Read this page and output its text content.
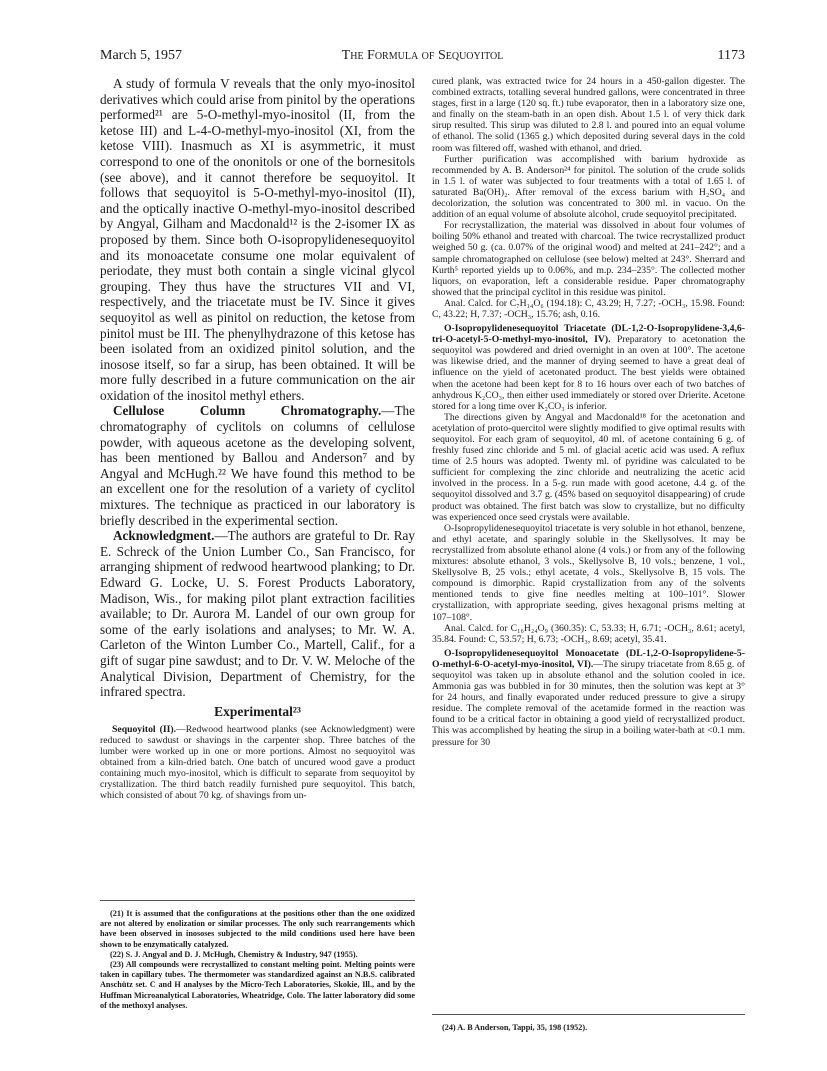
March 5, 1957	The Formula of Sequoyitol	1173

A study of formula V reveals that the only myo-inositol derivatives which could arise from pinitol by the operations performed²¹ are 5-O-methyl-myo-inositol (II, from the ketose III) and L-4-O-methyl-myo-inositol (XI, from the ketose VIII). Inasmuch as XI is asymmetric, it must correspond to one of the ononitols or one of the bornesitols (see above), and it cannot therefore be sequoyitol. It follows that sequoyitol is 5-O-methyl-myo-inositol (II), and the optically inactive O-methyl-myo-inositol described by Angyal, Gilham and Macdonald¹² is the 2-isomer IX as proposed by them. Since both O-isopropylidenesequoyitol and its monoacetate consume one molar equivalent of periodate, they must both contain a single vicinal glycol grouping. They thus have the structures VII and VI, respectively, and the triacetate must be IV. Since it gives sequoyitol as well as pinitol on reduction, the ketose from pinitol must be III. The phenylhydrazone of this ketose has been isolated from an oxidized pinitol solution, and the inosose itself, so far a sirup, has been obtained. It will be more fully described in a future communication on the air oxidation of the inositol methyl ethers.

Cellulose Column Chromatography.—The chromatography of cyclitols on columns of cellulose powder, with aqueous acetone as the developing solvent, has been mentioned by Ballou and Anderson⁷ and by Angyal and McHugh.²² We have found this method to be an excellent one for the resolution of a variety of cyclitol mixtures. The technique as practiced in our laboratory is briefly described in the experimental section.

Acknowledgment.—The authors are grateful to Dr. Ray E. Schreck of the Union Lumber Co., San Francisco, for arranging shipment of redwood heartwood planking; to Dr. Edward G. Locke, U. S. Forest Products Laboratory, Madison, Wis., for making pilot plant extraction facilities available; to Dr. Aurora M. Landel of our own group for some of the early isolations and analyses; to Mr. W. A. Carleton of the Winton Lumber Co., Martell, Calif., for a gift of sugar pine sawdust; and to Dr. V. W. Meloche of the Analytical Division, Department of Chemistry, for the infrared spectra.

Experimental²³

Sequoyitol (II).—Redwood heartwood planks (see Acknowledgment) were reduced to sawdust or shavings in the carpenter shop. Three batches of the lumber were worked up in one or more portions. Almost no sequoyitol was obtained from a kiln-dried batch. One batch of uncured wood gave a product containing much myo-inositol, which is difficult to separate from sequoyitol by crystallization. The third batch readily furnished pure sequoyitol. This batch, which consisted of about 70 kg. of shavings from un-

(21) It is assumed that the configurations at the positions other than the one oxidized are not altered by enolization or similar processes. The only such rearrangements which have been observed in inososes subjected to the mild conditions used here have been shown to be enzymatically catalyzed.

(22) S. J. Angyal and D. J. McHugh, Chemistry & Industry, 947 (1955).

(23) All compounds were recrystallized to constant melting point. Melting points were taken in capillary tubes. The thermometer was standardized against an N.B.S. calibrated Anschütz set. C and H analyses by the Micro-Tech Laboratories, Skokie, Ill., and by the Huffman Microanalytical Laboratories, Wheatridge, Colo. The latter laboratory did some of the methoxyl analyses.

cured plank, was extracted twice for 24 hours in a 450-gallon digester. The combined extracts, totalling several hundred gallons, were concentrated in three stages, first in a large (120 sq. ft.) tube evaporator, then in a laboratory size one, and finally on the steam-bath in an open dish. About 1.5 l. of very thick dark sirup resulted. This sirup was diluted to 2.8 l. and poured into an equal volume of ethanol. The solid (1365 g.) which deposited during several days in the cold room was filtered off, washed with ethanol, and dried.

Further purification was accomplished with barium hydroxide as recommended by A. B. Anderson²⁴ for pinitol. The solution of the crude solids in 1.5 l. of water was subjected to four treatments with a total of 1.65 l. of saturated Ba(OH)₂. After removal of the excess barium with H₂SO₄ and decolorization, the solution was concentrated to 300 ml. in vacuo. On the addition of an equal volume of absolute alcohol, crude sequoyitol precipitated.

For recrystallization, the material was dissolved in about four volumes of boiling 50% ethanol and treated with charcoal. The twice recrystallized product weighed 50 g. (ca. 0.07% of the original wood) and melted at 241–242°; and a sample chromatographed on cellulose (see below) melted at 243°. Sherrard and Kurth⁵ reported yields up to 0.06%, and m.p. 234–235°. The collected mother liquors, on evaporation, left a considerable residue. Paper chromatography showed that the principal cyclitol in this residue was pinitol.

Anal. Calcd. for C₇H₁₄O₆ (194.18): C, 43.29; H, 7.27; -OCH₃, 15.98. Found: C, 43.22; H, 7.37; -OCH₃, 15.76; ash, 0.16.

O-Isopropylidenesequoyitol Triacetate (DL-1,2-O-Isopropylidene-3,4,6-tri-O-acetyl-5-O-methyl-myo-inositol, IV). Preparatory to acetonation the sequoyitol was powdered and dried overnight in an oven at 100°. The acetone was likewise dried, and the manner of drying seemed to have a great deal of influence on the yield of acetonated product. The best yields were obtained when the acetone had been kept for 8 to 16 hours over each of two batches of anhydrous K₂CO₃, then either used immediately or stored over Drierite. Acetone stored for a long time over K₂CO₃ is inferior.

The directions given by Angyal and Macdonald¹⁸ for the acetonation and acetylation of proto-quercitol were slightly modified to give optimal results with sequoyitol. For each gram of sequoyitol, 40 ml. of acetone containing 6 g. of freshly fused zinc chloride and 5 ml. of glacial acetic acid was used. A reflux time of 2.5 hours was adopted. Twenty ml. of pyridine was calculated to be sufficient for complexing the zinc chloride and neutralizing the acetic acid involved in the process. In a 5-g. run made with good acetone, 4.4 g. of the sequoyitol dissolved and 3.7 g. (45% based on sequoyitol disappearing) of crude product was obtained. The first batch was slow to crystallize, but no difficulty was experienced once seed crystals were available.

O-Isopropylidenesequoyitol triacetate is very soluble in hot ethanol, benzene, and ethyl acetate, and sparingly soluble in the Skellysolves. It may be recrystallized from absolute ethanol alone (4 vols.) or from any of the following mixtures: absolute ethanol, 3 vols., Skellysolve B, 10 vols.; benzene, 1 vol., Skellysolve B, 25 vols.; ethyl acetate, 4 vols., Skellysolve B, 15 vols. The compound is dimorphic. Rapid crystallization from any of the solvents mentioned tends to give fine needles melting at 100–101°. Slower crystallization, with appropriate seeding, gives hexagonal prisms melting at 107–108°.

Anal. Calcd. for C₁₆H₂₄O₉ (360.35): C, 53.33; H, 6.71; -OCH₃, 8.61; acetyl, 35.84. Found: C, 53.57; H, 6.73; -OCH₃, 8.69; acetyl, 35.41.

O-Isopropylidenesequoyitol Monoacetate (DL-1,2-O-Isopropylidene-5-O-methyl-6-O-acetyl-myo-inositol, VI).—The sirupy triacetate from 8.65 g. of sequoyitol was taken up in absolute ethanol and the solution cooled in ice. Ammonia gas was bubbled in for 30 minutes, then the solution was kept at 3° for 24 hours, and finally evaporated under reduced pressure to give a sirupy residue. The complete removal of the acetamide formed in the reaction was found to be a critical factor in obtaining a good yield of recrystallized product. This was accomplished by heating the sirup in a boiling water-bath at <0.1 mm. pressure for 30

(24) A. B Anderson, Tappi, 35, 198 (1952).
